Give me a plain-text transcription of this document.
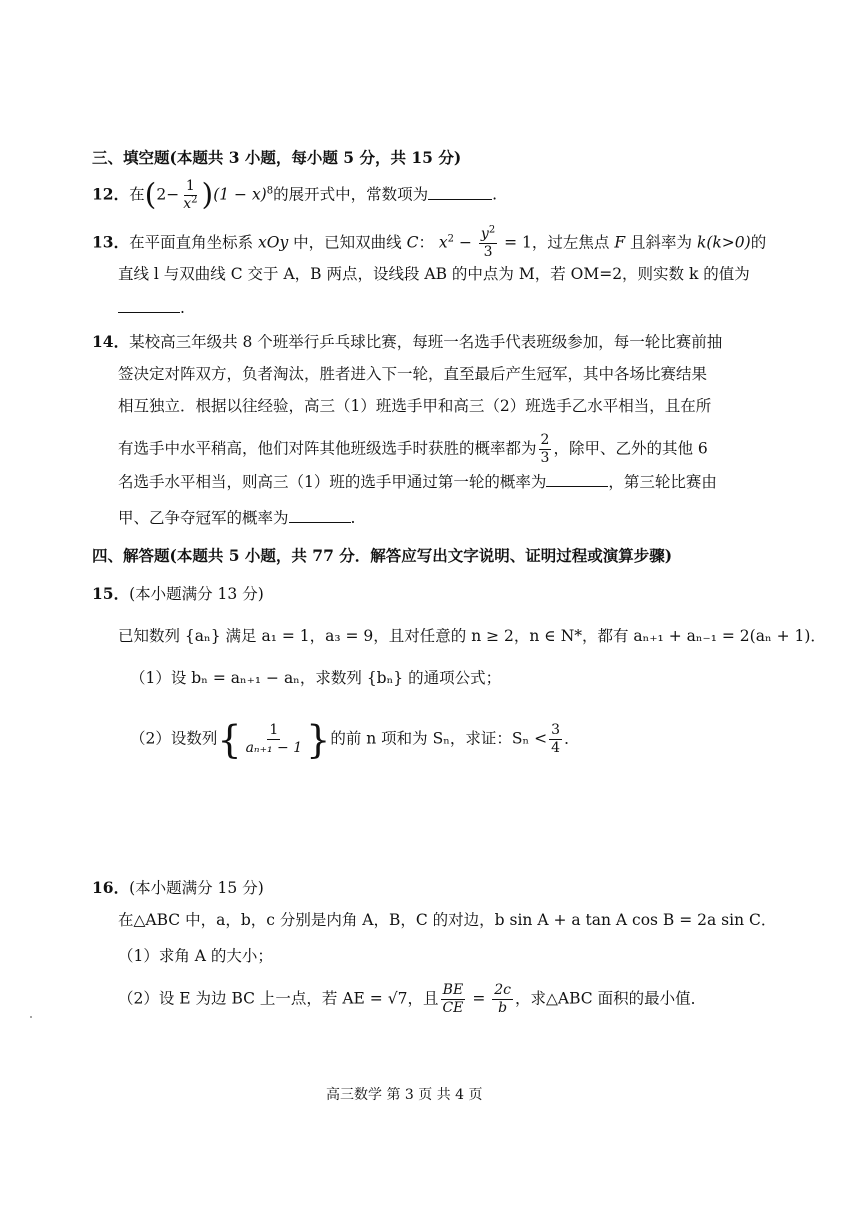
三、填空题(本题共 3 小题，每小题 5 分，共 15 分)
12．在$(2- \frac{1}{x^2} )(1 - x)^8$的展开式中，常数项为	.
13．在平面直角坐标系 xOy 中，已知双曲线 C： $x^2 - \frac{y^2}{3} = 1$，过左焦点 F 且斜率为 k(k>0)的
直线 l 与双曲线 C 交于 A，B 两点，设线段 AB 的中点为 M，若 OM=2，则实数 k 的值为
.
14．某校高三年级共 8 个班举行乒乓球比赛，每班一名选手代表班级参加，每一轮比赛前抽
签决定对阵双方，负者淘汰，胜者进入下一轮，直至最后产生冠军，其中各场比赛结果
相互独立．根据以往经验，高三（1）班选手甲和高三（2）班选手乙水平相当，且在所
有选手中水平稍高，他们对阵其他班级选手时获胜的概率都为 $\frac{2}{3}$ ，除甲、乙外的其他 6
名选手水平相当，则高三（1）班的选手甲通过第一轮的概率为	，第三轮比赛由
甲、乙争夺冠军的概率为	.
四、解答题(本题共 5 小题，共 77 分．解答应写出文字说明、证明过程或演算步骤)
15．(本小题满分 13 分)
已知数列 {aₙ} 满足 a₁ = 1，a₃ = 9，且对任意的 n ≥ 2，n ∈ N*，都有 aₙ₊₁ + aₙ₋₁ = 2(aₙ + 1)．
（1）设 bₙ = aₙ₊₁ − aₙ，求数列 {bₙ} 的通项公式；
（2）设数列{ $\frac{1}{\text{aₙ₊₁ − 1}}$ }的前 n 项和为 Sₙ，求证：$S_n < \frac{3}{4}$ ．
16．(本小题满分 15 分)
在△ABC 中，a，b，c 分别是内角 A，B，C 的对边，b sin A + a tan A cos B = 2a sin C．
（1）求角 A 的大小；
（2）设 E 为边 BC 上一点，若 AE = √7，且 $\frac{BE}{CE} = \frac{2c}{b}$ ，求△ABC 面积的最小值．
高三数学 第 3 页 共 4 页
